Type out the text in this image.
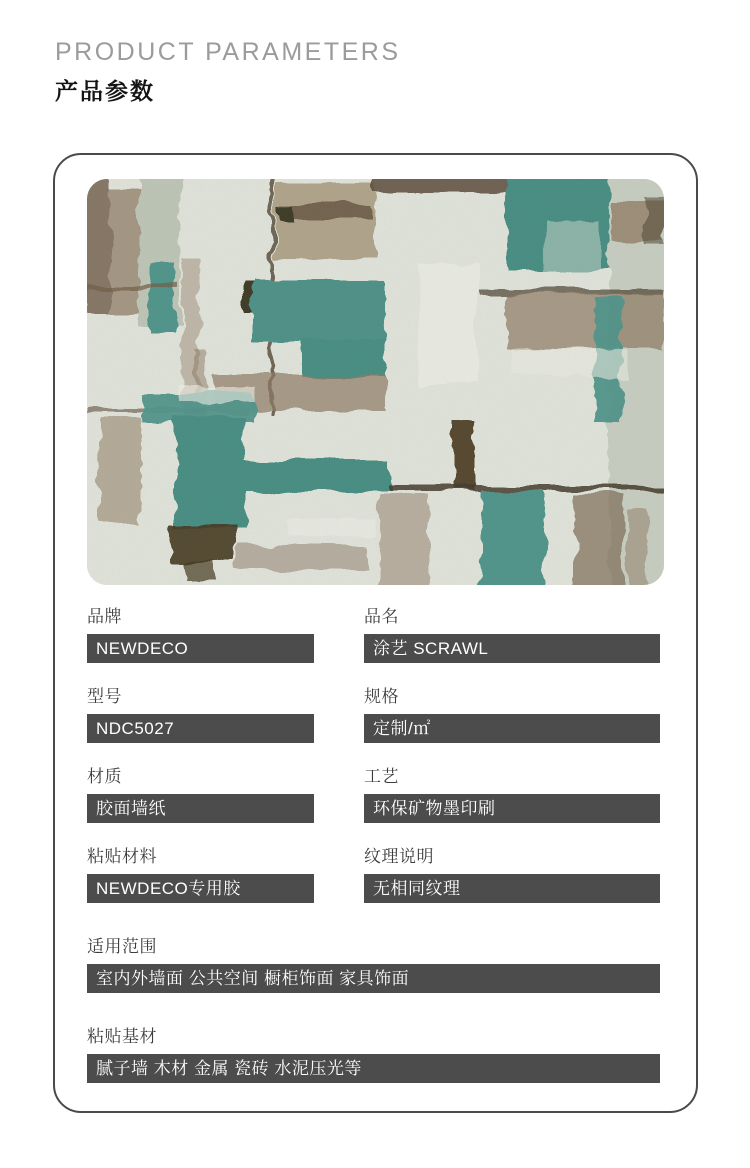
PRODUCT PARAMETERS
产品参数
品牌
NEWDECO
品名
涂艺 SCRAWL
型号
NDC5027
规格
定制/㎡
材质
胶面墙纸
工艺
环保矿物墨印刷
粘贴材料
NEWDECO专用胶
纹理说明
无相同纹理
适用范围
室内外墙面 公共空间 橱柜饰面 家具饰面
粘贴基材
腻子墙 木材 金属 瓷砖 水泥压光等
